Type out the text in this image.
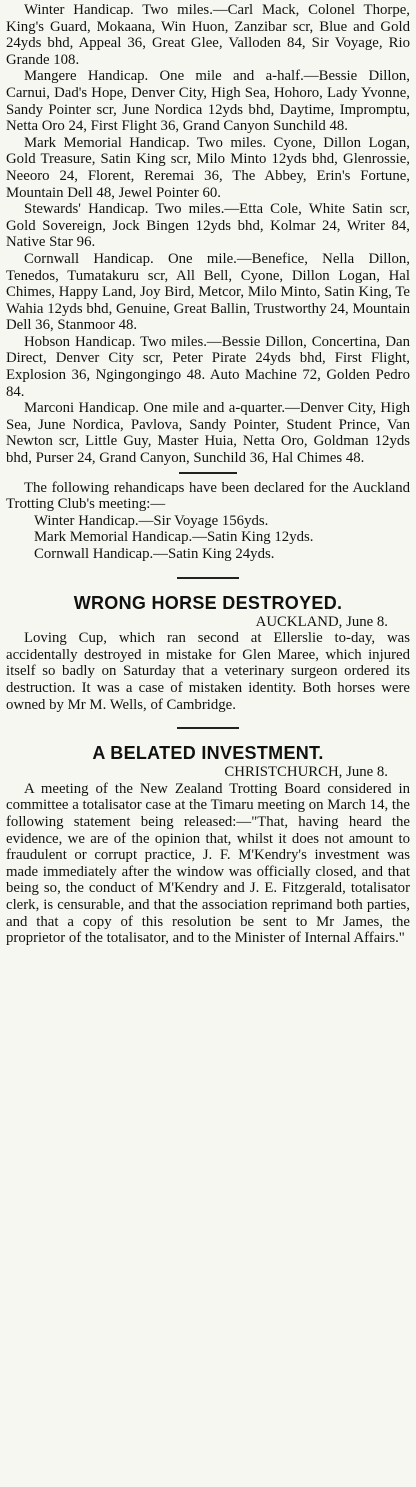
Winter Handicap. Two miles.—Carl Mack, Colonel Thorpe, King's Guard, Mokaana, Win Huon, Zanzibar scr, Blue and Gold 24yds bhd, Appeal 36, Great Glee, Valloden 84, Sir Voyage, Rio Grande 108.

Mangere Handicap. One mile and a-half.—Bessie Dillon, Carnui, Dad's Hope, Denver City, High Sea, Hohoro, Lady Yvonne, Sandy Pointer scr, June Nordica 12yds bhd, Daytime, Impromptu, Netta Oro 24, First Flight 36, Grand Canyon Sunchild 48.

Mark Memorial Handicap. Two miles. Cyone, Dillon Logan, Gold Treasure, Satin King scr, Milo Minto 12yds bhd, Glenrossie, Neeoro 24, Florent, Reremai 36, The Abbey, Erin's Fortune, Mountain Dell 48, Jewel Pointer 60.

Stewards' Handicap. Two miles.—Etta Cole, White Satin scr, Gold Sovereign, Jock Bingen 12yds bhd, Kolmar 24, Writer 84, Native Star 96.

Cornwall Handicap. One mile.—Benefice, Nella Dillon, Tenedos, Tumatakuru scr, All Bell, Cyone, Dillon Logan, Hal Chimes, Happy Land, Joy Bird, Metcor, Milo Minto, Satin King, Te Wahia 12yds bhd, Genuine, Great Ballin, Trustworthy 24, Mountain Dell 36, Stanmoor 48.

Hobson Handicap. Two miles.—Bessie Dillon, Concertina, Dan Direct, Denver City scr, Peter Pirate 24yds bhd, First Flight, Explosion 36, Ngingongingo 48. Auto Machine 72, Golden Pedro 84.

Marconi Handicap. One mile and a-quarter.—Denver City, High Sea, June Nordica, Pavlova, Sandy Pointer, Student Prince, Van Newton scr, Little Guy, Master Huia, Netta Oro, Goldman 12yds bhd, Purser 24, Grand Canyon, Sunchild 36, Hal Chimes 48.

The following rehandicaps have been declared for the Auckland Trotting Club's meeting:—

Winter Handicap.—Sir Voyage 156yds.

Mark Memorial Handicap.—Satin King 12yds.

Cornwall Handicap.—Satin King 24yds.

WRONG HORSE DESTROYED.

AUCKLAND, June 8.

Loving Cup, which ran second at Ellerslie to-day, was accidentally destroyed in mistake for Glen Maree, which injured itself so badly on Saturday that a veterinary surgeon ordered its destruction. It was a case of mistaken identity. Both horses were owned by Mr M. Wells, of Cambridge.

A BELATED INVESTMENT.

CHRISTCHURCH, June 8.

A meeting of the New Zealand Trotting Board considered in committee a totalisator case at the Timaru meeting on March 14, the following statement being released:—"That, having heard the evidence, we are of the opinion that, whilst it does not amount to fraudulent or corrupt practice, J. F. M'Kendry's investment was made immediately after the window was officially closed, and that being so, the conduct of M'Kendry and J. E. Fitzgerald, totalisator clerk, is censurable, and that the association reprimand both parties, and that a copy of this resolution be sent to Mr James, the proprietor of the totalisator, and to the Minister of Internal Affairs."
